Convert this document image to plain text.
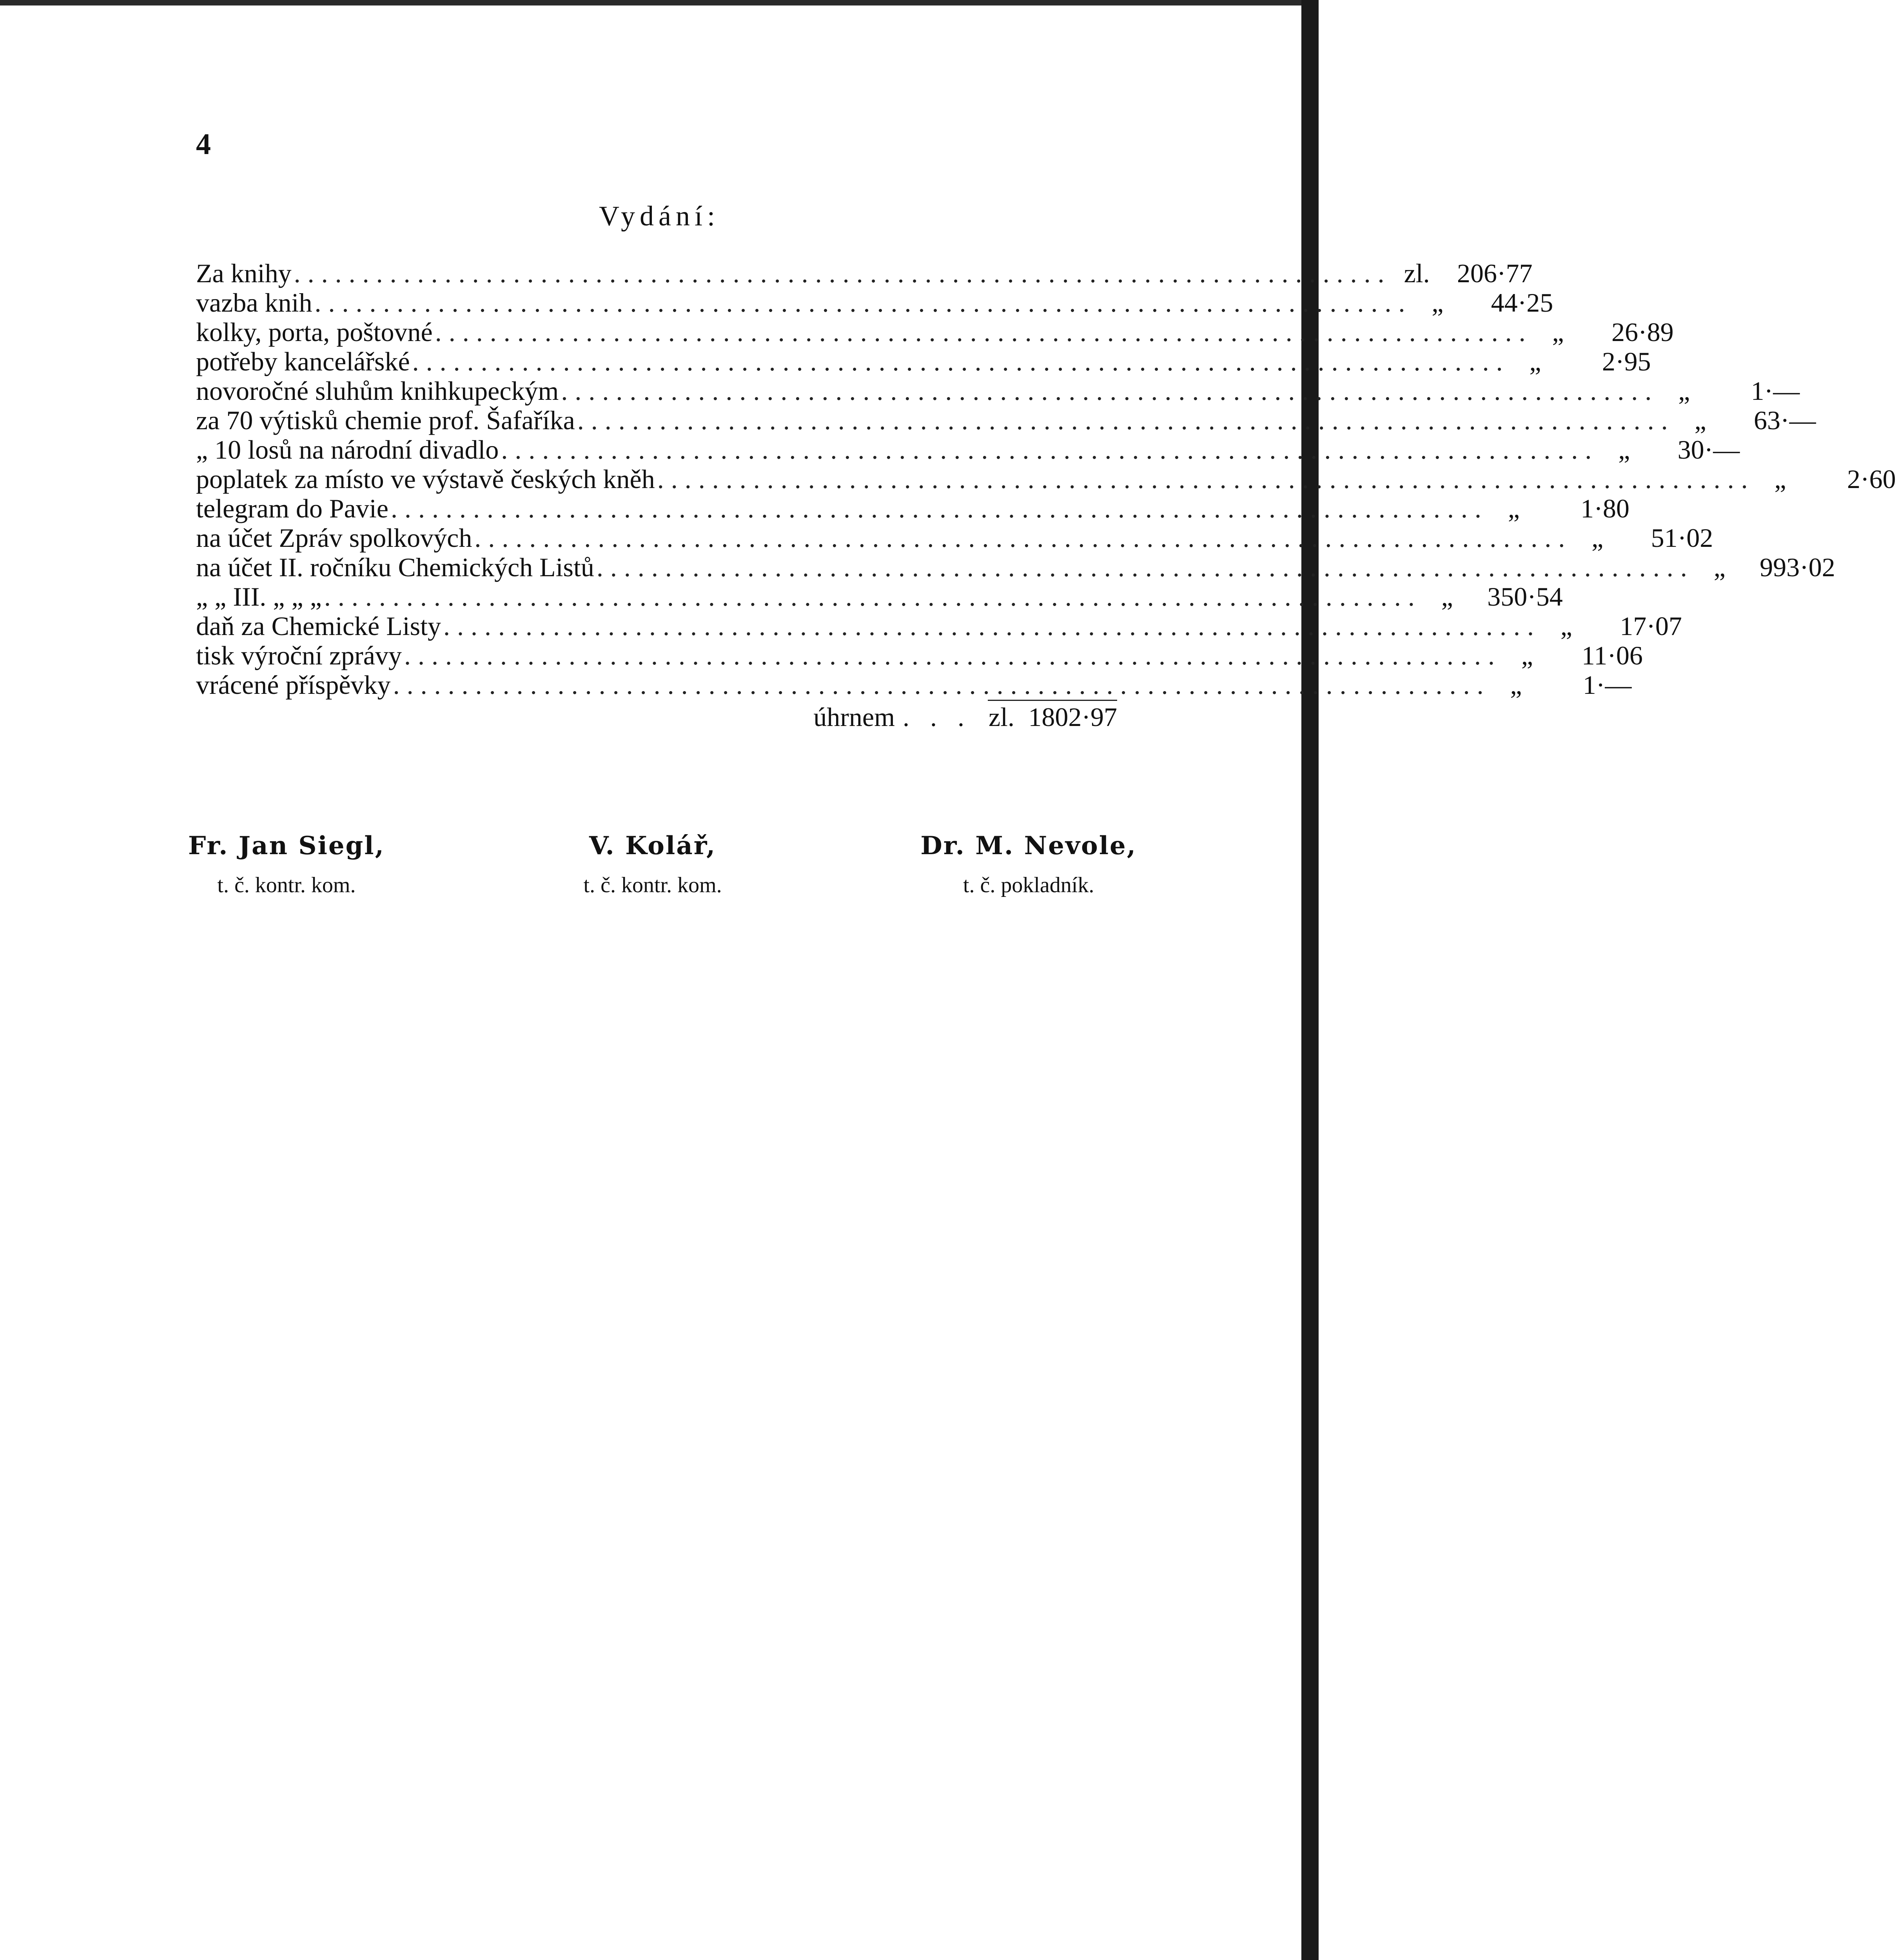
4
Vydání:
Za knihy ................................................................................ zl.	206·77
vazba knih ................................................................................ „	44·25
kolky, porta, poštovné ................................................................................ „	26·89
potřeby kancelářské ................................................................................ „	2·95
novoročné sluhům knihkupeckým ................................................................................ „	1·—
za 70 výtisků chemie prof. Šafaříka ................................................................................ „	63·—
„ 10 losů na národní divadlo ................................................................................ „	30·—
poplatek za místo ve výstavě českých kněh ................................................................................ „	2·60
telegram do Pavie ................................................................................ „	1·80
na účet Zpráv spolkových ................................................................................ „	51·02
na účet II. ročníku Chemických Listů ................................................................................ „	993·02
„ „ III. „ „ „ ................................................................................ „	350·54
daň za Chemické Listy ................................................................................ „	17·07
tisk výroční zprávy ................................................................................ „	11·06
vrácené příspěvky ................................................................................ „	1·—
úhrnem . . . zl. 1802·97
Fr. Jan Siegl,
t. č. kontr. kom.
V. Kolář,
t. č. kontr. kom.
Dr. M. Nevole,
t. č. pokladník.
